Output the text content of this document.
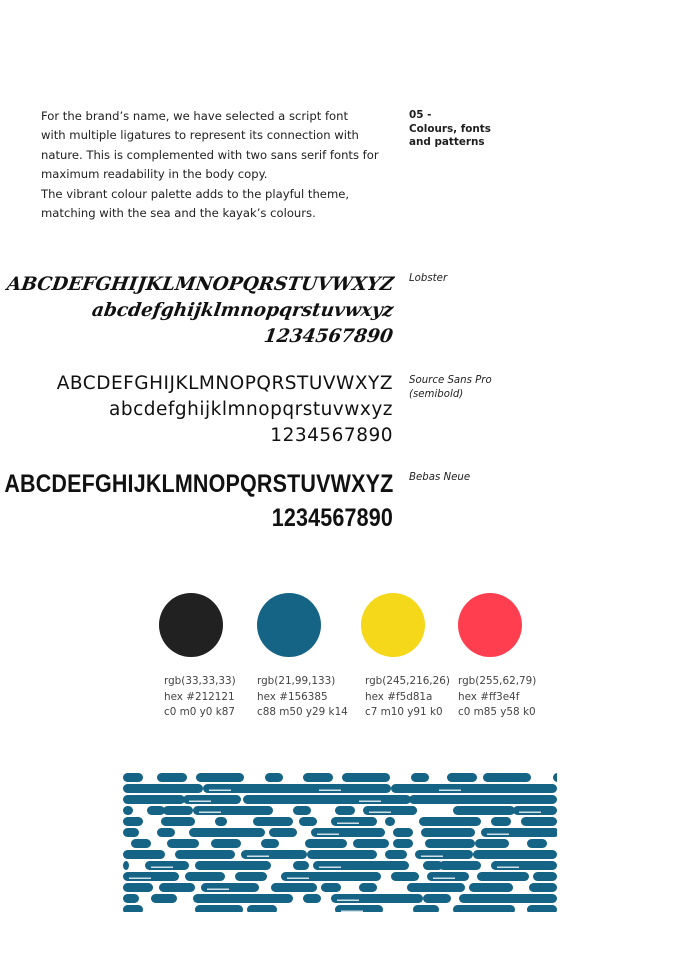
For the brand’s name, we have selected a script font

with multiple ligatures to represent its connection with

nature. This is complemented with two sans serif fonts for

maximum readability in the body copy.

The vibrant colour palette adds to the playful theme,

matching with the sea and the kayak’s colours.

05 -
Colours, fonts
and patterns
ABCDEFGHIJKLMNOPQRSTUVWXYZ
abcdefghijklmnopqrstuvwxyz
1234567890
Lobster
ABCDEFGHIJKLMNOPQRSTUVWXYZ
abcdefghijklmnopqrstuvwxyz
1234567890
Source Sans Pro
(semibold)
ABCDEFGHIJKLMNOPQRSTUVWXYZ
1234567890
Bebas Neue
rgb(33,33,33)
hex #212121
c0 m0 y0 k87
rgb(21,99,133)
hex #156385
c88 m50 y29 k14
rgb(245,216,26)
hex #f5d81a
c7 m10 y91 k0
rgb(255,62,79)
hex #ff3e4f
c0 m85 y58 k0
